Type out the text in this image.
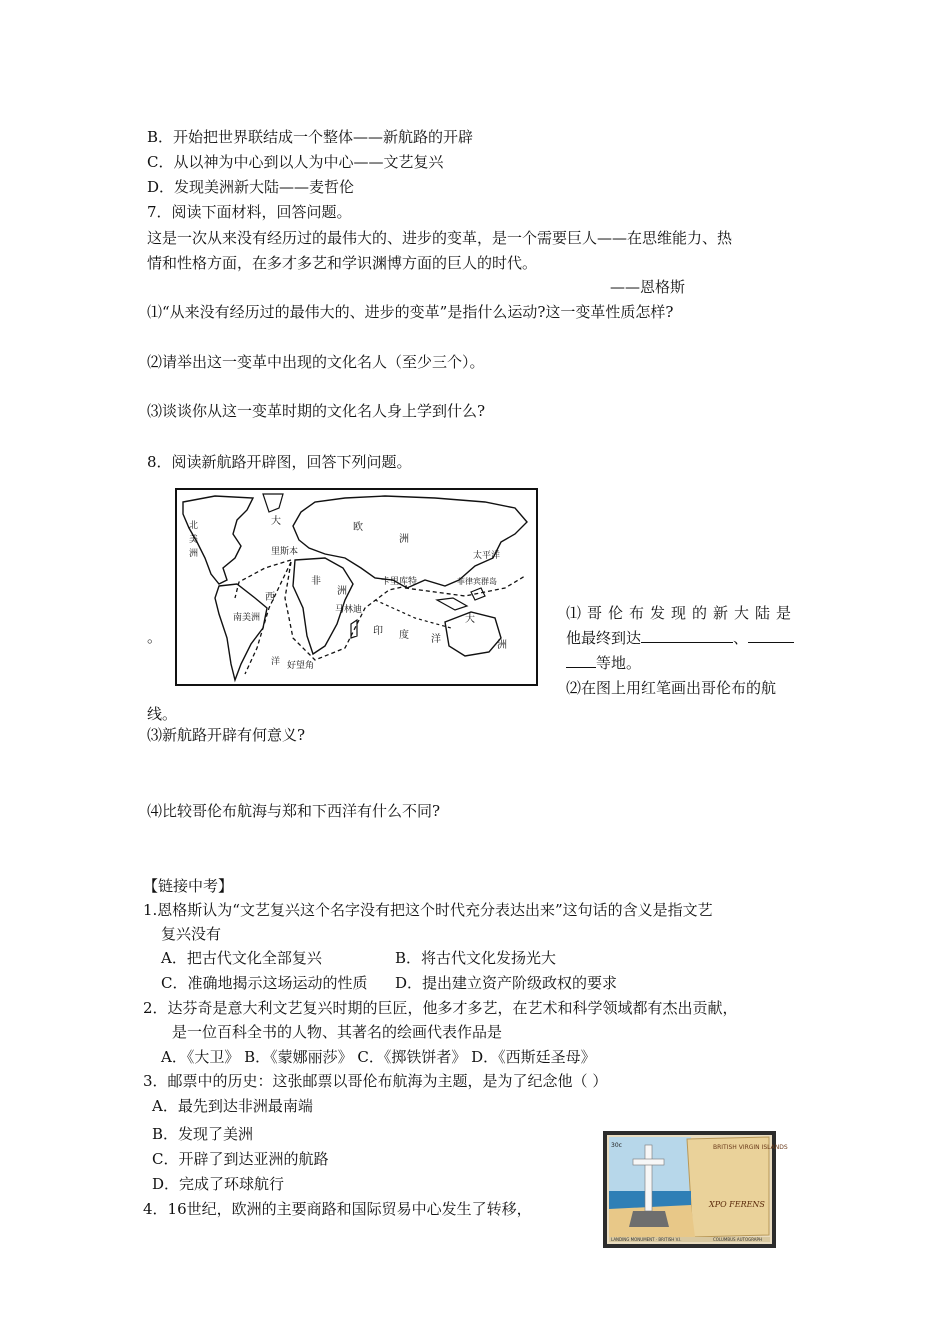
B．开始把世界联结成一个整体——新航路的开辟
C．从以神为中心到以人为中心——文艺复兴
D．发现美洲新大陆——麦哲伦
7．阅读下面材料，回答问题。
这是一次从来没有经历过的最伟大的、进步的变革，是一个需要巨人——在思维能力、热
情和性格方面，在多才多艺和学识渊博方面的巨人的时代。
——恩格斯
⑴“从来没有经历过的最伟大的、进步的变革”是指什么运动?这一变革性质怎样?
⑵请举出这一变革中出现的文化名人（至少三个）。
⑶谈谈你从这一变革时期的文化名人身上学到什么?
8．阅读新航路开辟图，回答下列问题。
。
大
北
美
洲	里斯本
欧
洲
太平洋
西
非
洲
马林迪
卡里库特	菲律宾群岛
南美洲
印 度 洋
洋 好望角
大
洲
⑴哥伦布发现的新大陆是
他最终到达	、
等地。
⑵在图上用红笔画出哥伦布的航
线。
⑶新航路开辟有何意义?
⑷比较哥伦布航海与郑和下西洋有什么不同?
【链接中考】
1.恩格斯认为“文艺复兴这个名字没有把这个时代充分表达出来”这句话的含义是指文艺
复兴没有
A．把古代文化全部复兴	B．将古代文化发扬光大
C．准确地揭示这场运动的性质 D．提出建立资产阶级政权的要求
2．达芬奇是意大利文艺复兴时期的巨匠，他多才多艺，在艺术和科学领域都有杰出贡献，
是一位百科全书的人物、其著名的绘画代表作品是
A．《大卫》 B．《蒙娜丽莎》 C．《掷铁饼者》 D．《西斯廷圣母》
3．邮票中的历史：这张邮票以哥伦布航海为主题，是为了纪念他（ ）
A．最先到达非洲最南端
B．发现了美洲
C．开辟了到达亚洲的航路
D．完成了环球航行
4．16世纪，欧洲的主要商路和国际贸易中心发生了转移，
30c	BRITISH VIRGIN ISLANDS
XPO FERENS
LANDING MONUMENT · BRITISH V.I.	COLUMBUS AUTOGRAPH
